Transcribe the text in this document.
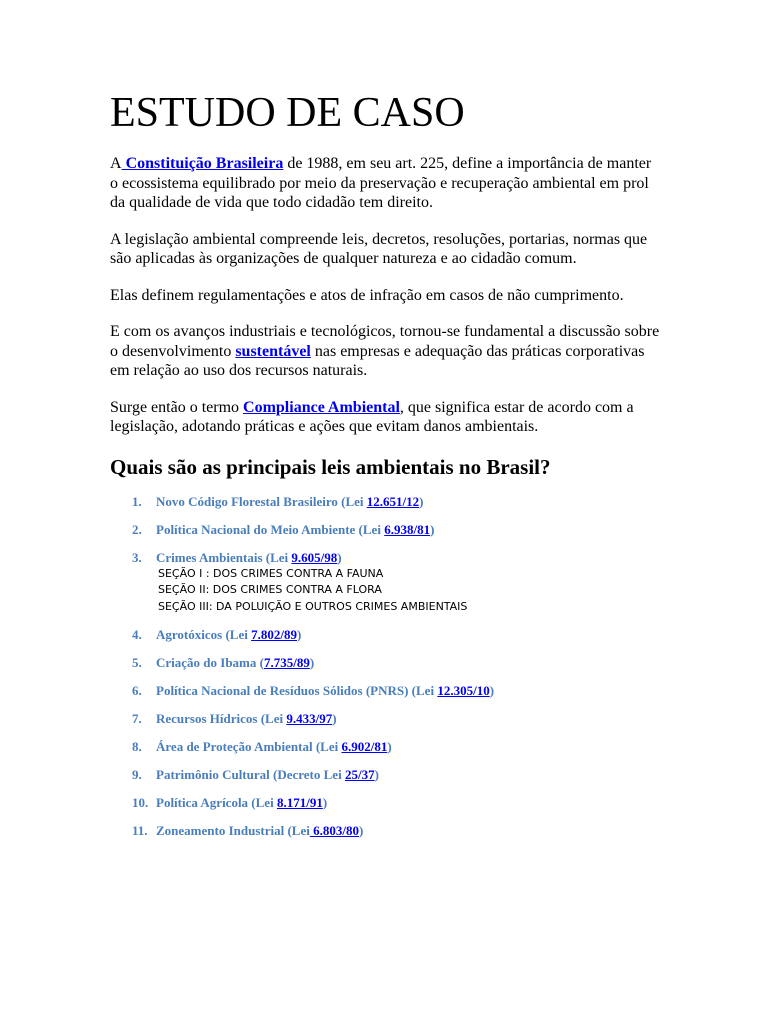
ESTUDO DE CASO

A Constituição Brasileira de 1988, em seu art. 225, define a importância de manter o ecossistema equilibrado por meio da preservação e recuperação ambiental em prol da qualidade de vida que todo cidadão tem direito.

A legislação ambiental compreende leis, decretos, resoluções, portarias, normas que são aplicadas às organizações de qualquer natureza e ao cidadão comum.

Elas definem regulamentações e atos de infração em casos de não cumprimento.

E com os avanços industriais e tecnológicos, tornou-se fundamental a discussão sobre o desenvolvimento sustentável nas empresas e adequação das práticas corporativas em relação ao uso dos recursos naturais.

Surge então o termo Compliance Ambiental, que significa estar de acordo com a legislação, adotando práticas e ações que evitam danos ambientais.

Quais são as principais leis ambientais no Brasil?
1. Novo Código Florestal Brasileiro (Lei 12.651/12)
2. Política Nacional do Meio Ambiente (Lei 6.938/81)
3. Crimes Ambientais (Lei 9.605/98)
SEÇÃO I : DOS CRIMES CONTRA A FAUNA
SEÇÃO II: DOS CRIMES CONTRA A FLORA
SEÇÃO III: DA POLUIÇÃO E OUTROS CRIMES AMBIENTAIS
4. Agrotóxicos (Lei 7.802/89)
5. Criação do Ibama (7.735/89)
6. Política Nacional de Resíduos Sólidos (PNRS) (Lei 12.305/10)
7. Recursos Hídricos (Lei 9.433/97)
8. Área de Proteção Ambiental (Lei 6.902/81)
9. Patrimônio Cultural (Decreto Lei 25/37)
10. Política Agrícola (Lei 8.171/91)
11. Zoneamento Industrial (Lei 6.803/80)
